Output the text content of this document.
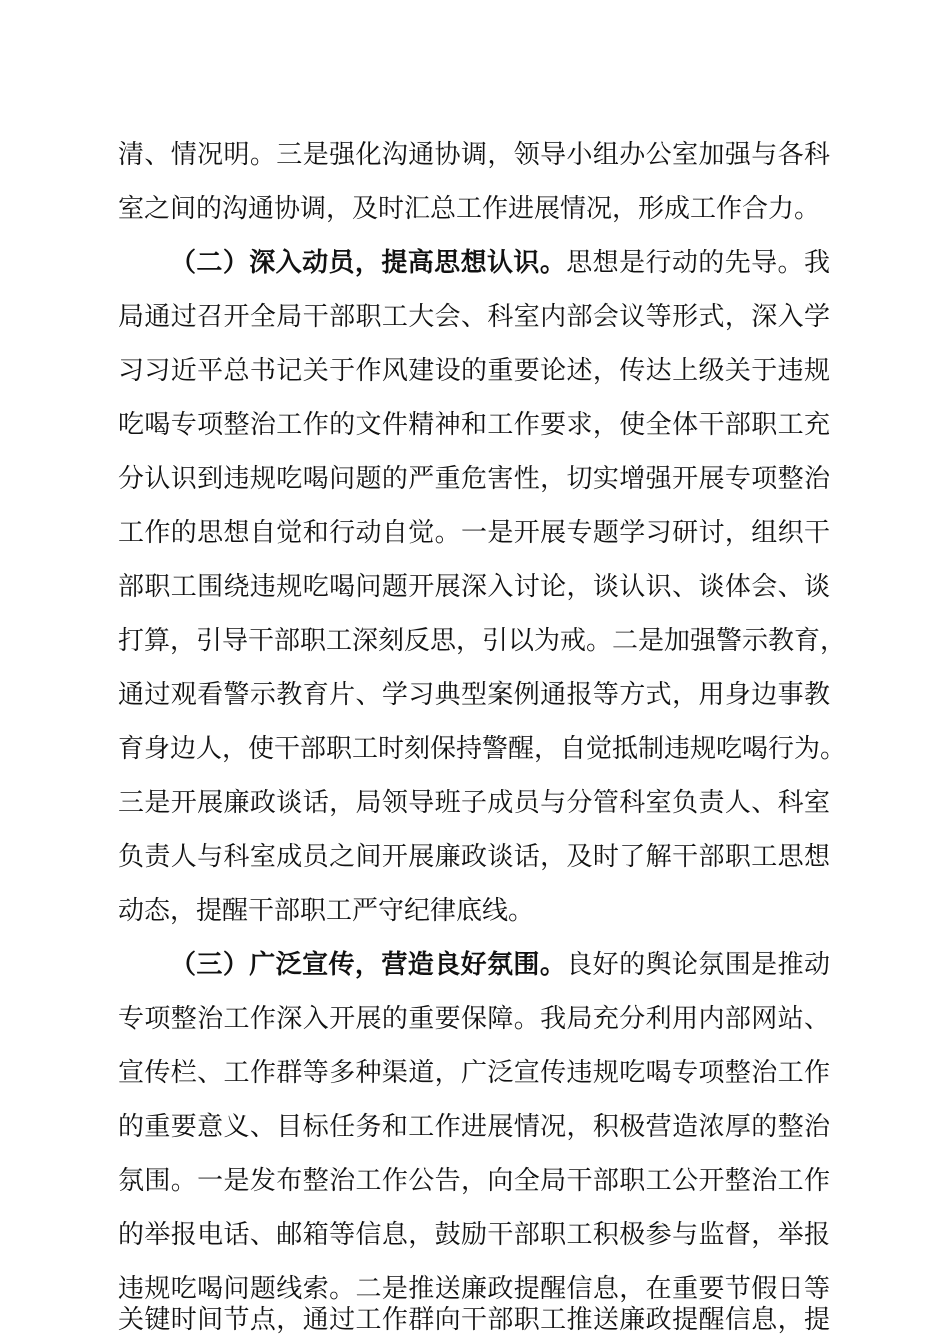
清、情况明。三是强化沟通协调，领导小组办公室加强与各科
室之间的沟通协调，及时汇总工作进展情况，形成工作合力。
（二）深入动员，提高思想认识。思想是行动的先导。我
局通过召开全局干部职工大会、科室内部会议等形式，深入学
习习近平总书记关于作风建设的重要论述，传达上级关于违规
吃喝专项整治工作的文件精神和工作要求，使全体干部职工充
分认识到违规吃喝问题的严重危害性，切实增强开展专项整治
工作的思想自觉和行动自觉。一是开展专题学习研讨，组织干
部职工围绕违规吃喝问题开展深入讨论，谈认识、谈体会、谈
打算，引导干部职工深刻反思，引以为戒。二是加强警示教育，
通过观看警示教育片、学习典型案例通报等方式，用身边事教
育身边人，使干部职工时刻保持警醒，自觉抵制违规吃喝行为。
三是开展廉政谈话，局领导班子成员与分管科室负责人、科室
负责人与科室成员之间开展廉政谈话，及时了解干部职工思想
动态，提醒干部职工严守纪律底线。
（三）广泛宣传，营造良好氛围。良好的舆论氛围是推动
专项整治工作深入开展的重要保障。我局充分利用内部网站、
宣传栏、工作群等多种渠道，广泛宣传违规吃喝专项整治工作
的重要意义、目标任务和工作进展情况，积极营造浓厚的整治
氛围。一是发布整治工作公告，向全局干部职工公开整治工作
的举报电话、邮箱等信息，鼓励干部职工积极参与监督，举报
违规吃喝问题线索。二是推送廉政提醒信息，在重要节假日等
关键时间节点，通过工作群向干部职工推送廉政提醒信息，提
